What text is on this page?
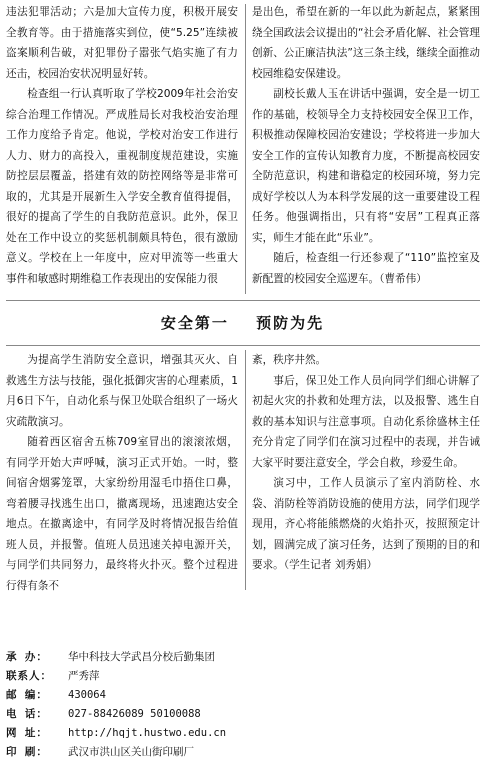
违法犯罪活动；六是加大宣传力度，积极开展安全教育等。由于措施落实到位，使“5.25”连续被盗案顺利告破，对犯罪份子嚣张气焰实施了有力还击，校园治安状况明显好转。

检查组一行认真听取了学校2009年社会治安综合治理工作情况。严成胜局长对我校治安治理工作力度给予肯定。他说，学校对治安工作进行人力、财力的高投入，重视制度规范建设，实施防控层层覆盖，搭建有效的防控网络等是非常可取的，尤其是开展新生入学安全教育值得提倡，很好的提高了学生的自我防范意识。此外，保卫处在工作中设立的奖惩机制颇具特色，很有激励意义。学校在上一年度中，应对甲流等一些重大事件和敏感时期维稳工作表现出的安保能力很

是出色，希望在新的一年以此为新起点，紧紧围绕全国政法会议提出的“社会矛盾化解、社会管理创新、公正廉洁执法”这三条主线，继续全面推动校园维稳安保建设。

副校长戴人玉在讲话中强调，安全是一切工作的基础，校领导全力支持校园安全保卫工作，积极推动保障校园治安建设；学校将进一步加大安全工作的宣传认知教育力度，不断提高校园安全防范意识，构建和谐稳定的校园环境，努力完成好学校以人为本科学发展的这一重要建设工程任务。他强调指出，只有将“安居”工程真正落实，师生才能在此“乐业”。

随后，检查组一行还参观了“110”监控室及新配置的校园安全巡逻车。（曹希伟）

安全第一 预防为先

为提高学生消防安全意识，增强其灭火、自救逃生方法与技能，强化抵御灾害的心理素质，1月6日下午，自动化系与保卫处联合组织了一场火灾疏散演习。

随着西区宿舍五栋709室冒出的滚滚浓烟，有同学开始大声呼喊，演习正式开始。一时，整间宿舍烟雾笼罩，大家纷纷用湿毛巾捂住口鼻，弯着腰寻找逃生出口，撤离现场，迅速跑达安全地点。在撤离途中，有同学及时将情况报告给值班人员，并报警。值班人员迅速关掉电源开关，与同学们共同努力，最终将火扑灭。整个过程进行得有条不

紊，秩序井然。

事后，保卫处工作人员向同学们细心讲解了初起火灾的扑救和处理方法，以及报警、逃生自救的基本知识与注意事项。自动化系徐盛林主任充分肯定了同学们在演习过程中的表现，并告诫大家平时要注意安全，学会自救，珍爱生命。

演习中，工作人员演示了室内消防栓、水袋、消防栓等消防设施的使用方法，同学们现学现用，齐心将能熊燃烧的火焰扑灭，按照预定计划，圆满完成了演习任务，达到了预期的目的和要求。（学生记者 刘秀娟）

承 办： 华中科技大学武昌分校后勤集团
联系人： 严秀萍
邮 编： 430064
电 话： 027-88426089 50100088
网 址： http://hqjt.hustwo.edu.cn
印 刷： 武汉市洪山区关山街印刷厂
